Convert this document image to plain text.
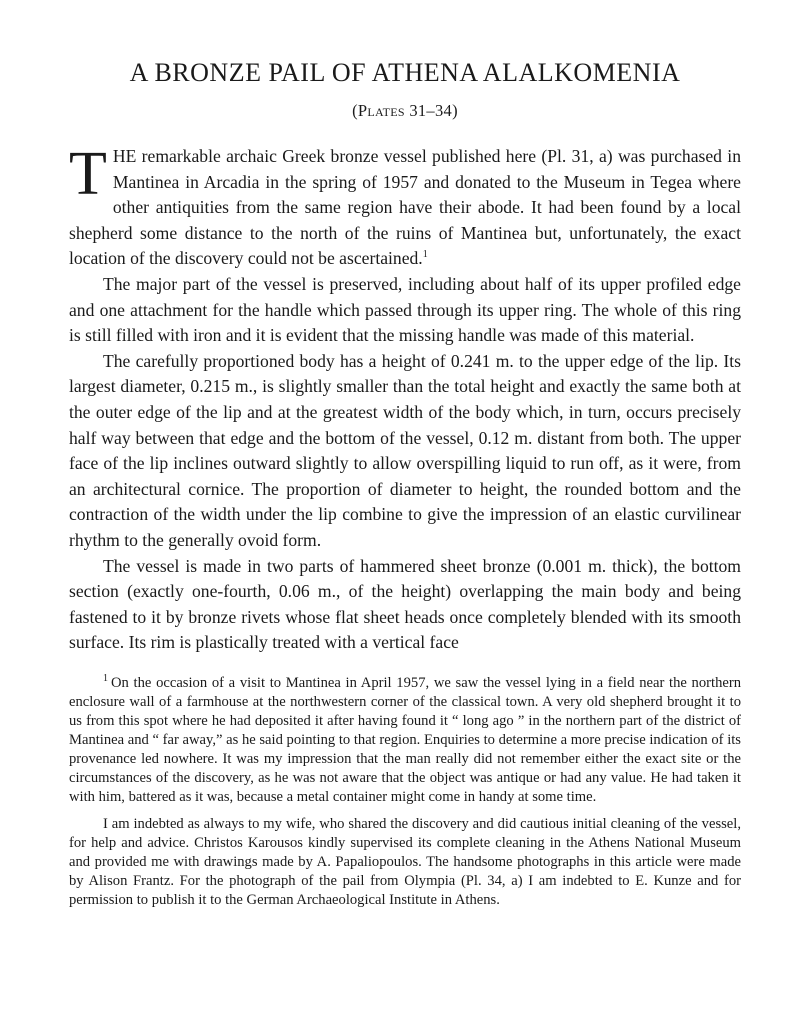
A BRONZE PAIL OF ATHENA ALALKOMENIA
(Plates 31–34)

THE remarkable archaic Greek bronze vessel published here (Pl. 31, a) was purchased in Mantinea in Arcadia in the spring of 1957 and donated to the Museum in Tegea where other antiquities from the same region have their abode. It had been found by a local shepherd some distance to the north of the ruins of Mantinea but, unfortunately, the exact location of the discovery could not be ascertained.$^1$

The major part of the vessel is preserved, including about half of its upper profiled edge and one attachment for the handle which passed through its upper ring. The whole of this ring is still filled with iron and it is evident that the missing handle was made of this material.

The carefully proportioned body has a height of 0.241 m. to the upper edge of the lip. Its largest diameter, 0.215 m., is slightly smaller than the total height and exactly the same both at the outer edge of the lip and at the greatest width of the body which, in turn, occurs precisely half way between that edge and the bottom of the vessel, 0.12 m. distant from both. The upper face of the lip inclines outward slightly to allow overspilling liquid to run off, as it were, from an architectural cornice. The proportion of diameter to height, the rounded bottom and the contraction of the width under the lip combine to give the impression of an elastic curvilinear rhythm to the generally ovoid form.

The vessel is made in two parts of hammered sheet bronze (0.001 m. thick), the bottom section (exactly one-fourth, 0.06 m., of the height) overlapping the main body and being fastened to it by bronze rivets whose flat sheet heads once completely blended with its smooth surface. Its rim is plastically treated with a vertical face

$^1$ On the occasion of a visit to Mantinea in April 1957, we saw the vessel lying in a field near the northern enclosure wall of a farmhouse at the northwestern corner of the classical town. A very old shepherd brought it to us from this spot where he had deposited it after having found it “ long ago ” in the northern part of the district of Mantinea and “ far away,” as he said pointing to that region. Enquiries to determine a more precise indication of its provenance led nowhere. It was my impression that the man really did not remember either the exact site or the circumstances of the discovery, as he was not aware that the object was antique or had any value. He had taken it with him, battered as it was, because a metal container might come in handy at some time.

I am indebted as always to my wife, who shared the discovery and did cautious initial cleaning of the vessel, for help and advice. Christos Karousos kindly supervised its complete cleaning in the Athens National Museum and provided me with drawings made by A. Papaliopoulos. The handsome photographs in this article were made by Alison Frantz. For the photograph of the pail from Olympia (Pl. 34, a) I am indebted to E. Kunze and for permission to publish it to the German Archaeological Institute in Athens.
